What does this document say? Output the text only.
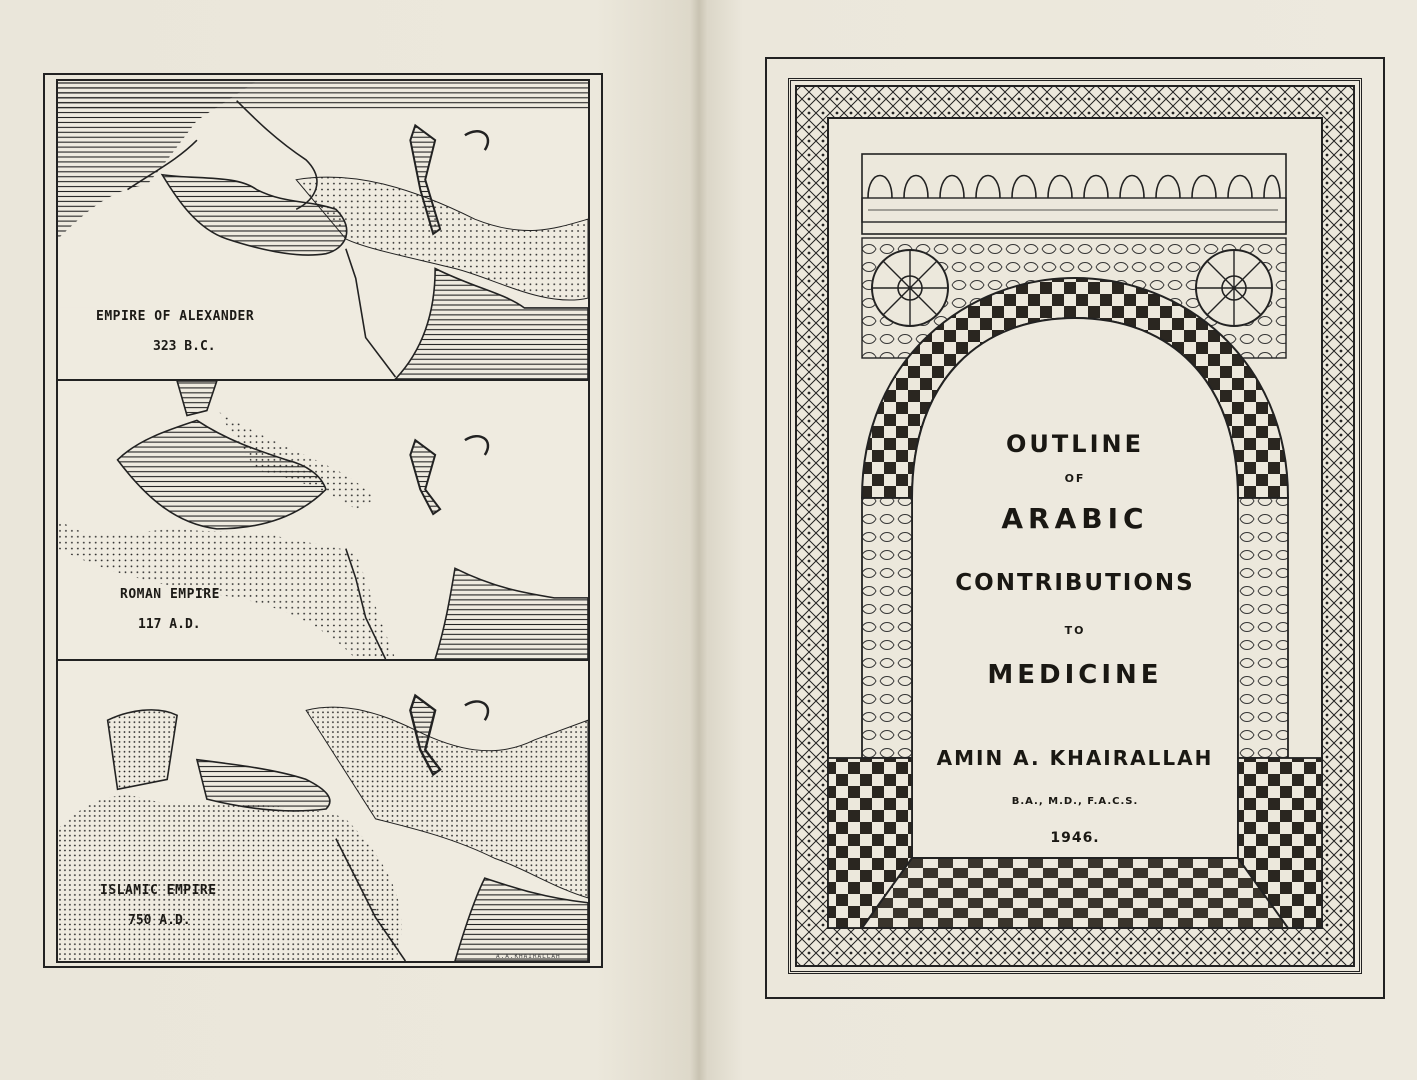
EMPIRE OF ALEXANDER
323 B.C.
ROMAN EMPIRE
117 A.D.
ISLAMIC EMPIRE
750 A.D.
A.A.KHAIRALLAH
OUTLINE
OF
ARABIC
CONTRIBUTIONS
TO
MEDICINE
AMIN A. KHAIRALLAH
B.A., M.D., F.A.C.S.
1946.
